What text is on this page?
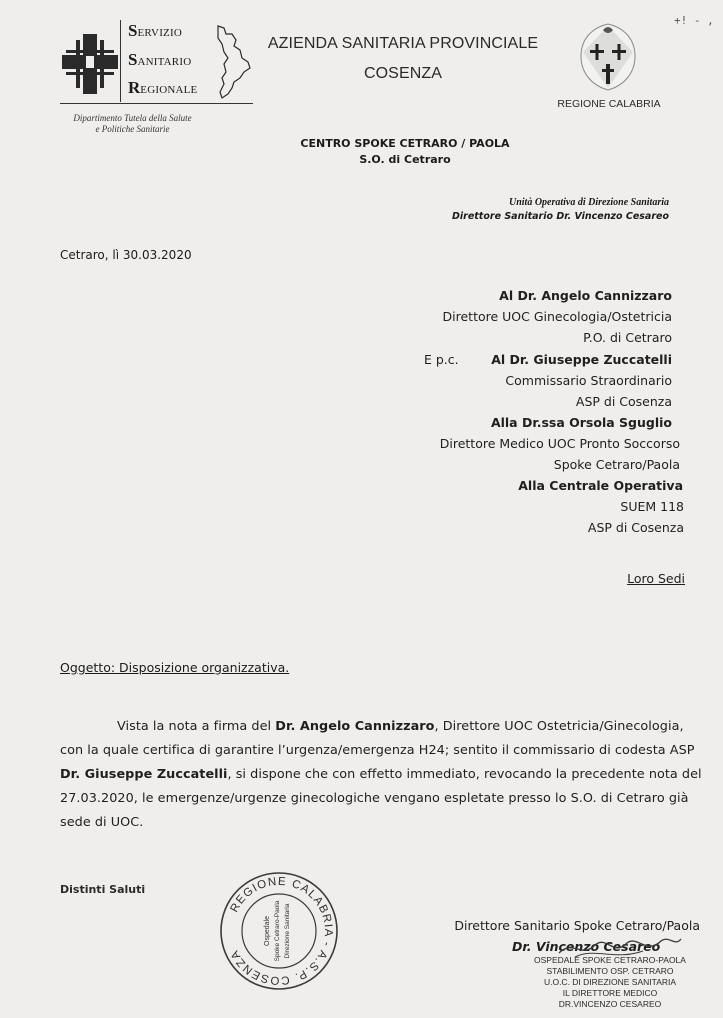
+! - ,
SERVIZIO
SANITARIO
REGIONALE
Dipartimento Tutela della Salute
e Politiche Sanitarie
AZIENDA SANITARIA PROVINCIALE
COSENZA
REGIONE CALABRIA
CENTRO SPOKE CETRARO / PAOLA
S.O. di Cetraro
Unità Operativa di Direzione Sanitaria
Direttore Sanitario Dr. Vincenzo Cesareo
Cetraro, lì 30.03.2020
Al Dr. Angelo Cannizzaro
Direttore UOC Ginecologia/Ostetricia
P.O. di Cetraro
E p.c.	Al Dr. Giuseppe Zuccatelli
Commissario Straordinario
ASP di Cosenza
Alla Dr.ssa Orsola Sguglio
Direttore Medico UOC Pronto Soccorso
Spoke Cetraro/Paola
Alla Centrale Operativa
SUEM 118
ASP di Cosenza
Loro Sedi
Oggetto: Disposizione organizzativa.
Vista la nota a firma del Dr. Angelo Cannizzaro, Direttore UOC Ostetricia/Ginecologia,
con la quale certifica di garantire l’urgenza/emergenza H24; sentito il commissario di codesta ASP
Dr. Giuseppe Zuccatelli, si dispone che con effetto immediato, revocando la precedente nota del
27.03.2020, le emergenze/urgenze ginecologiche vengano espletate presso lo S.O. di Cetraro già
sede di UOC.
Distinti Saluti
REGIONE CALABRIA - A.S.P. COSENZA
Ospedale Spoke Cetraro-Paola Direzione Sanitaria	Direttore Sanitario Spoke Cetraro/Paola
Dr. Vincenzo Cesareo
OSPEDALE SPOKE CETRARO-PAOLA
STABILIMENTO OSP. CETRARO
U.O.C. DI DIREZIONE SANITARIA
IL DIRETTORE MEDICO
DR.VINCENZO CESAREO
